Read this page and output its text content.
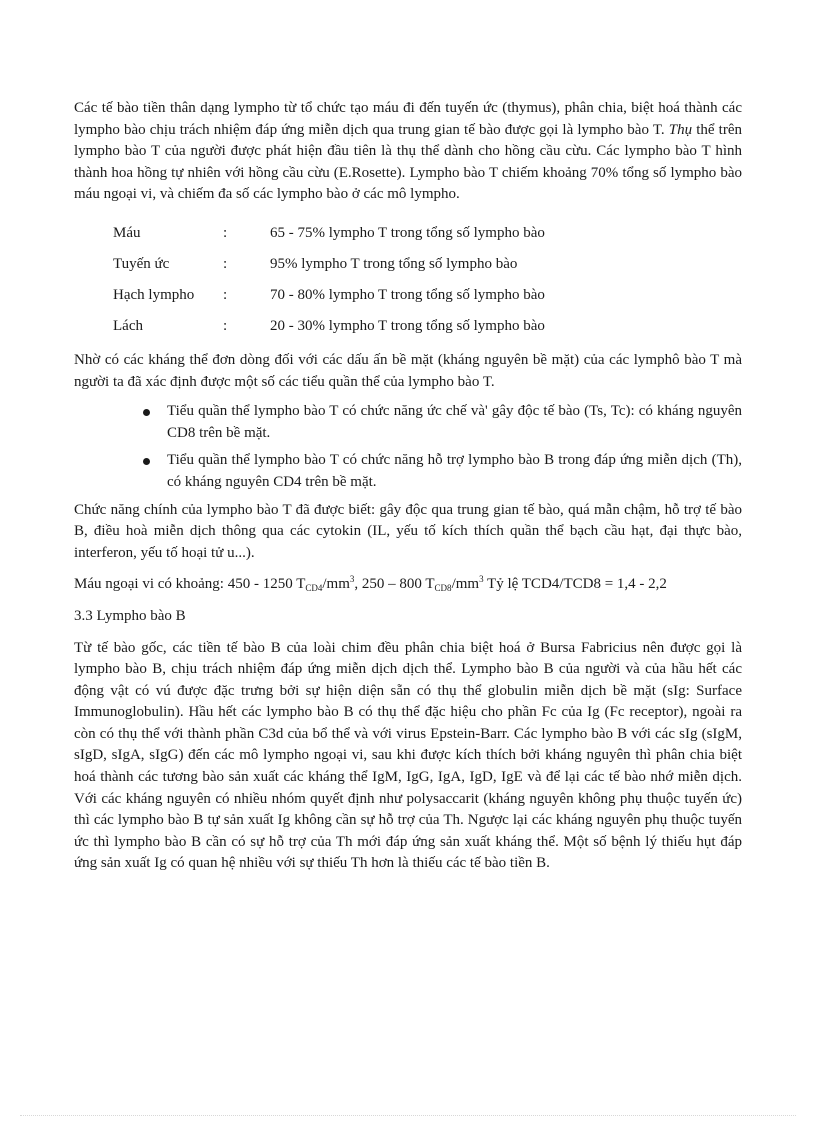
Các tế bào tiền thân dạng lympho từ tổ chức tạo máu đi đến tuyến ức (thymus), phân chia, biệt hoá thành các lympho bào chịu trách nhiệm đáp ứng miễn dịch qua trung gian tế bào được gọi là lympho bào T. Thụ thể trên lympho bào T của người được phát hiện đầu tiên là thụ thể dành cho hồng cầu cừu. Các lympho bào T hình thành hoa hồng tự nhiên với hồng cầu cừu (E.Rosette). Lympho bào T chiếm khoảng 70% tổng số lympho bào máu ngoại vi, và chiếm đa số các lympho bào ở các mô lympho.

Máu	:	65 - 75% lympho T trong tổng số lympho bào
Tuyến ức	:	95% lympho T trong tổng số lympho bào
Hạch lympho	:	70 - 80% lympho T trong tổng số lympho bào
Lách	:	20 - 30% lympho T trong tổng số lympho bào

Nhờ có các kháng thể đơn dòng đối với các dấu ấn bề mặt (kháng nguyên bề mặt) của các lymphô bào T mà người ta đã xác định được một số các tiểu quần thể của lympho bào T.

Tiểu quần thể lympho bào T có chức năng ức chế và' gây độc tế bào (Ts, Tc): có kháng nguyên CD8 trên bề mặt.
Tiểu quần thể lympho bào T có chức năng hỗ trợ lympho bào B trong đáp ứng miễn dịch (Th), có kháng nguyên CD4 trên bề mặt.

Chức năng chính của lympho bào T đã được biết: gây độc qua trung gian tế bào, quá mẫn chậm, hỗ trợ tế bào B, điều hoà miễn dịch thông qua các cytokin (IL, yếu tố kích thích quần thể bạch cầu hạt, đại thực bào, interferon, yếu tố hoại tử u...).

Máu ngoại vi có khoảng: 450 - 1250 $T_{CD4}/mm^3$, 250 – 800 $T_{CD8}/mm^3$ Tỷ lệ TCD4/TCD8 = 1,4 - 2,2

3.3 Lympho bào B

Từ tế bào gốc, các tiền tế bào B của loài chim đều phân chia biệt hoá ở Bursa Fabricius nên được gọi là lympho bào B, chịu trách nhiệm đáp ứng miễn dịch dịch thể. Lympho bào B của người và của hầu hết các động vật có vú được đặc trưng bởi sự hiện diện sẵn có thụ thể globulin miễn dịch bề mặt (sIg: Surface Immunoglobulin). Hầu hết các lympho bào B có thụ thể đặc hiệu cho phần Fc của Ig (Fc receptor), ngoài ra còn có thụ thể với thành phần C3d của bổ thể và với virus Epstein-Barr. Các lympho bào B với các sIg (sIgM, sIgD, sIgA, sIgG) đến các mô lympho ngoại vi, sau khi được kích thích bởi kháng nguyên thì phân chia biệt hoá thành các tương bào sản xuất các kháng thể IgM, IgG, IgA, IgD, IgE và để lại các tế bào nhớ miễn dịch. Với các kháng nguyên có nhiều nhóm quyết định như polysaccarit (kháng nguyên không phụ thuộc tuyến ức) thì các lympho bào B tự sản xuất Ig không cần sự hỗ trợ của Th. Ngược lại các kháng nguyên phụ thuộc tuyến ức thì lympho bào B cần có sự hỗ trợ của Th mới đáp ứng sản xuất kháng thể. Một số bệnh lý thiếu hụt đáp ứng sản xuất Ig có quan hệ nhiều với sự thiếu Th hơn là thiếu các tế bào tiền B.
